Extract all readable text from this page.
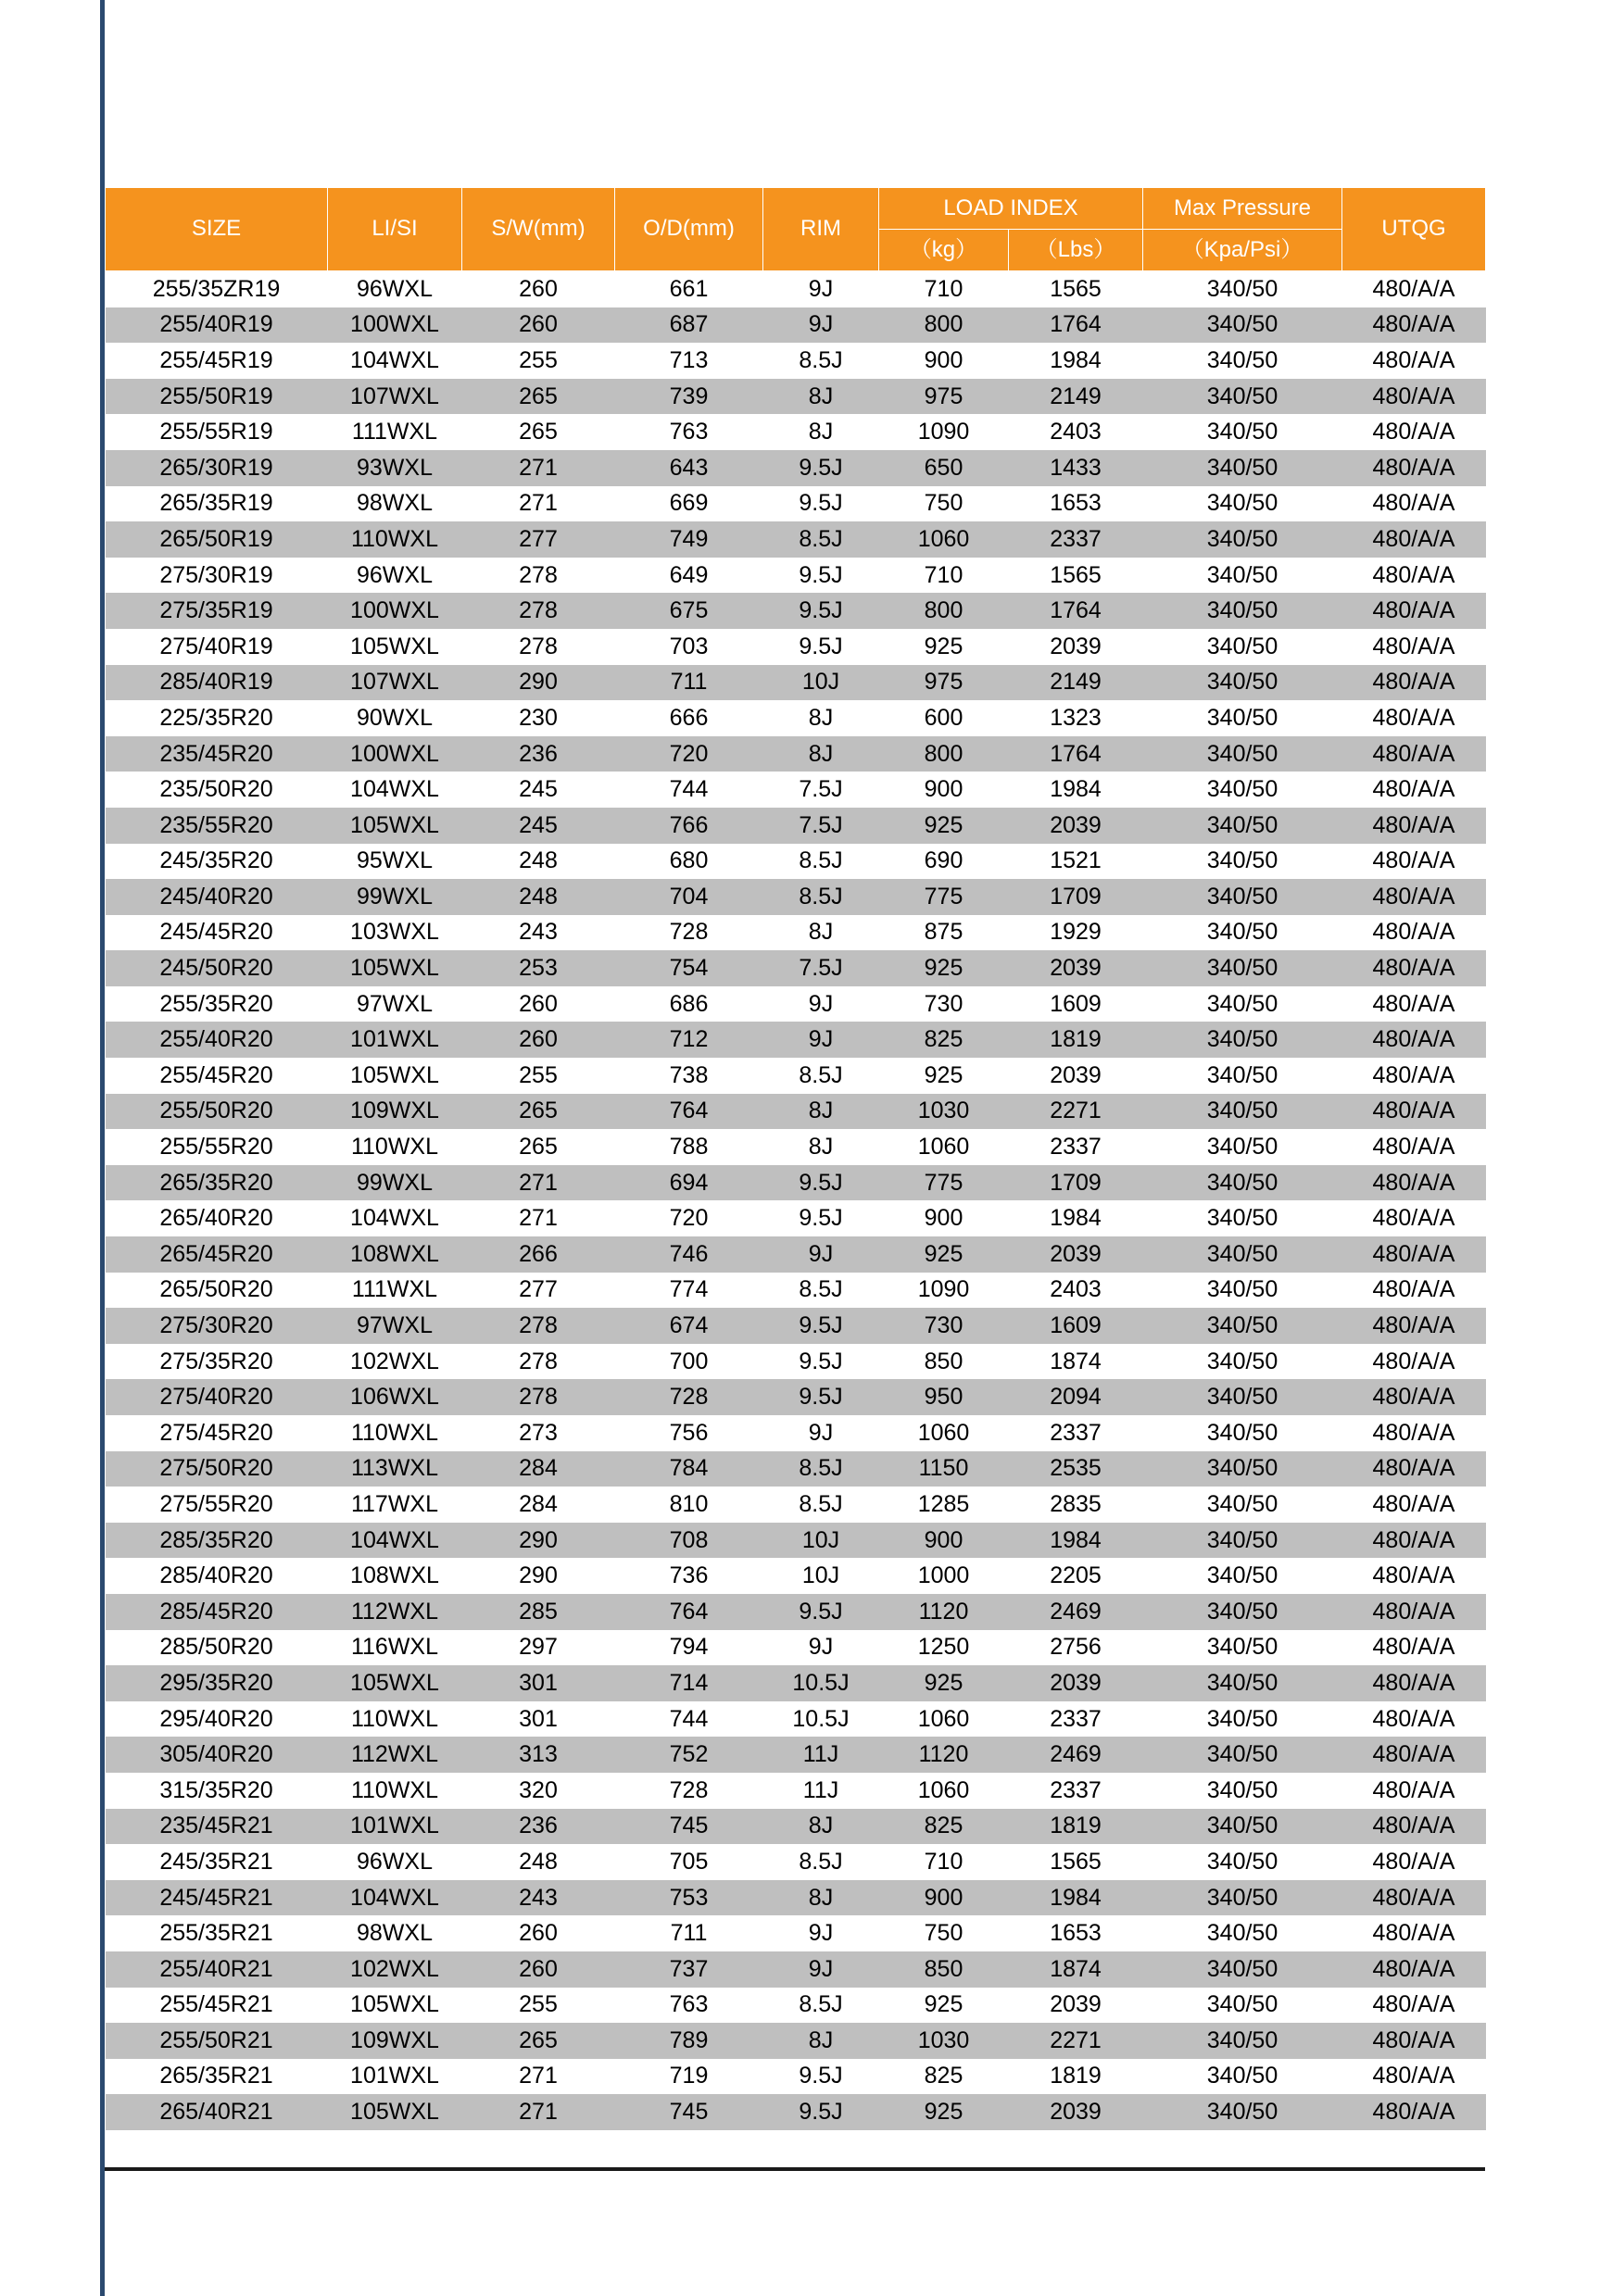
SIZE	LI/SI	S/W(mm)	O/D(mm)	RIM	LOAD INDEX		Max Pressure	UTQG
					（kg）	（Lbs）	（Kpa/Psi）	
255/35ZR19	96WXL	260	661	9J	710	1565	340/50	480/A/A
255/40R19	100WXL	260	687	9J	800	1764	340/50	480/A/A
255/45R19	104WXL	255	713	8.5J	900	1984	340/50	480/A/A
255/50R19	107WXL	265	739	8J	975	2149	340/50	480/A/A
255/55R19	111WXL	265	763	8J	1090	2403	340/50	480/A/A
265/30R19	93WXL	271	643	9.5J	650	1433	340/50	480/A/A
265/35R19	98WXL	271	669	9.5J	750	1653	340/50	480/A/A
265/50R19	110WXL	277	749	8.5J	1060	2337	340/50	480/A/A
275/30R19	96WXL	278	649	9.5J	710	1565	340/50	480/A/A
275/35R19	100WXL	278	675	9.5J	800	1764	340/50	480/A/A
275/40R19	105WXL	278	703	9.5J	925	2039	340/50	480/A/A
285/40R19	107WXL	290	711	10J	975	2149	340/50	480/A/A
225/35R20	90WXL	230	666	8J	600	1323	340/50	480/A/A
235/45R20	100WXL	236	720	8J	800	1764	340/50	480/A/A
235/50R20	104WXL	245	744	7.5J	900	1984	340/50	480/A/A
235/55R20	105WXL	245	766	7.5J	925	2039	340/50	480/A/A
245/35R20	95WXL	248	680	8.5J	690	1521	340/50	480/A/A
245/40R20	99WXL	248	704	8.5J	775	1709	340/50	480/A/A
245/45R20	103WXL	243	728	8J	875	1929	340/50	480/A/A
245/50R20	105WXL	253	754	7.5J	925	2039	340/50	480/A/A
255/35R20	97WXL	260	686	9J	730	1609	340/50	480/A/A
255/40R20	101WXL	260	712	9J	825	1819	340/50	480/A/A
255/45R20	105WXL	255	738	8.5J	925	2039	340/50	480/A/A
255/50R20	109WXL	265	764	8J	1030	2271	340/50	480/A/A
255/55R20	110WXL	265	788	8J	1060	2337	340/50	480/A/A
265/35R20	99WXL	271	694	9.5J	775	1709	340/50	480/A/A
265/40R20	104WXL	271	720	9.5J	900	1984	340/50	480/A/A
265/45R20	108WXL	266	746	9J	925	2039	340/50	480/A/A
265/50R20	111WXL	277	774	8.5J	1090	2403	340/50	480/A/A
275/30R20	97WXL	278	674	9.5J	730	1609	340/50	480/A/A
275/35R20	102WXL	278	700	9.5J	850	1874	340/50	480/A/A
275/40R20	106WXL	278	728	9.5J	950	2094	340/50	480/A/A
275/45R20	110WXL	273	756	9J	1060	2337	340/50	480/A/A
275/50R20	113WXL	284	784	8.5J	1150	2535	340/50	480/A/A
275/55R20	117WXL	284	810	8.5J	1285	2835	340/50	480/A/A
285/35R20	104WXL	290	708	10J	900	1984	340/50	480/A/A
285/40R20	108WXL	290	736	10J	1000	2205	340/50	480/A/A
285/45R20	112WXL	285	764	9.5J	1120	2469	340/50	480/A/A
285/50R20	116WXL	297	794	9J	1250	2756	340/50	480/A/A
295/35R20	105WXL	301	714	10.5J	925	2039	340/50	480/A/A
295/40R20	110WXL	301	744	10.5J	1060	2337	340/50	480/A/A
305/40R20	112WXL	313	752	11J	1120	2469	340/50	480/A/A
315/35R20	110WXL	320	728	11J	1060	2337	340/50	480/A/A
235/45R21	101WXL	236	745	8J	825	1819	340/50	480/A/A
245/35R21	96WXL	248	705	8.5J	710	1565	340/50	480/A/A
245/45R21	104WXL	243	753	8J	900	1984	340/50	480/A/A
255/35R21	98WXL	260	711	9J	750	1653	340/50	480/A/A
255/40R21	102WXL	260	737	9J	850	1874	340/50	480/A/A
255/45R21	105WXL	255	763	8.5J	925	2039	340/50	480/A/A
255/50R21	109WXL	265	789	8J	1030	2271	340/50	480/A/A
265/35R21	101WXL	271	719	9.5J	825	1819	340/50	480/A/A
265/40R21	105WXL	271	745	9.5J	925	2039	340/50	480/A/A
